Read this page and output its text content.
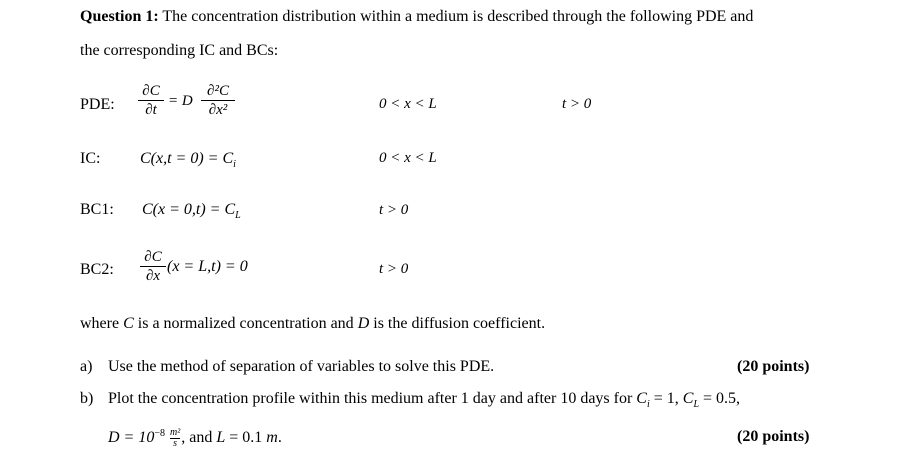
Question 1: The concentration distribution within a medium is described through the following PDE and
the corresponding IC and BCs:
PDE:
∂C
∂t
= D
∂²C
∂x²	0 < x < L	t > 0
IC: $C(x,t = 0) = C_i$	0 < x < L
BC1: $C(x = 0,t) = C_L$	t > 0
BC2:
∂C
∂x
(x = L,t) = 0	t > 0
where C is a normalized concentration and D is the diffusion coefficient.
a) Use the method of separation of variables to solve this PDE.	(20 points)
b) Plot the concentration profile within this medium after 1 day and after 10 days for $C_i = 1$, $C_L = 0.5$,
$D = 10^{-8} \frac{\text{m²}}{s}$ , and L = 0.1 m.	(20 points)
